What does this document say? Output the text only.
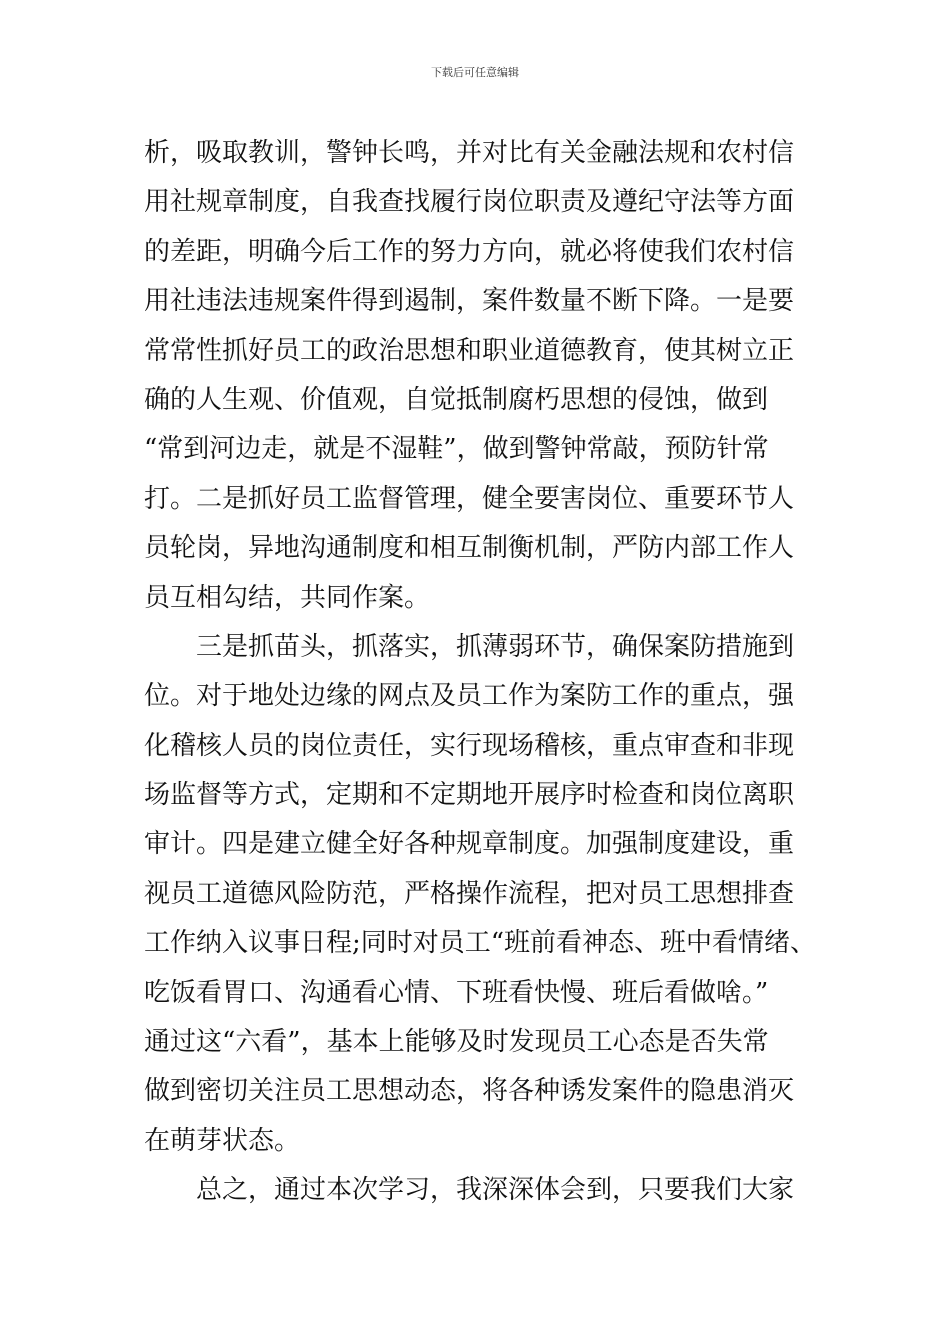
下载后可任意编辑
析，吸取教训，警钟长鸣，并对比有关金融法规和农村信
用社规章制度，自我查找履行岗位职责及遵纪守法等方面
的差距，明确今后工作的努力方向，就必将使我们农村信
用社违法违规案件得到遏制，案件数量不断下降。一是要
常常性抓好员工的政治思想和职业道德教育，使其树立正
确的人生观、价值观，自觉抵制腐朽思想的侵蚀，做到
“常到河边走，就是不湿鞋”，做到警钟常敲，预防针常
打。二是抓好员工监督管理，健全要害岗位、重要环节人
员轮岗，异地沟通制度和相互制衡机制，严防内部工作人
员互相勾结，共同作案。
三是抓苗头，抓落实，抓薄弱环节，确保案防措施到
位。对于地处边缘的网点及员工作为案防工作的重点，强
化稽核人员的岗位责任，实行现场稽核，重点审查和非现
场监督等方式，定期和不定期地开展序时检查和岗位离职
审计。四是建立健全好各种规章制度。加强制度建设，重
视员工道德风险防范，严格操作流程，把对员工思想排查
工作纳入议事日程;同时对员工“班前看神态、班中看情绪、
吃饭看胃口、沟通看心情、下班看快慢、班后看做啥。”
通过这“六看”，基本上能够及时发现员工心态是否失常
做到密切关注员工思想动态，将各种诱发案件的隐患消灭
在萌芽状态。
总之，通过本次学习，我深深体会到，只要我们大家
